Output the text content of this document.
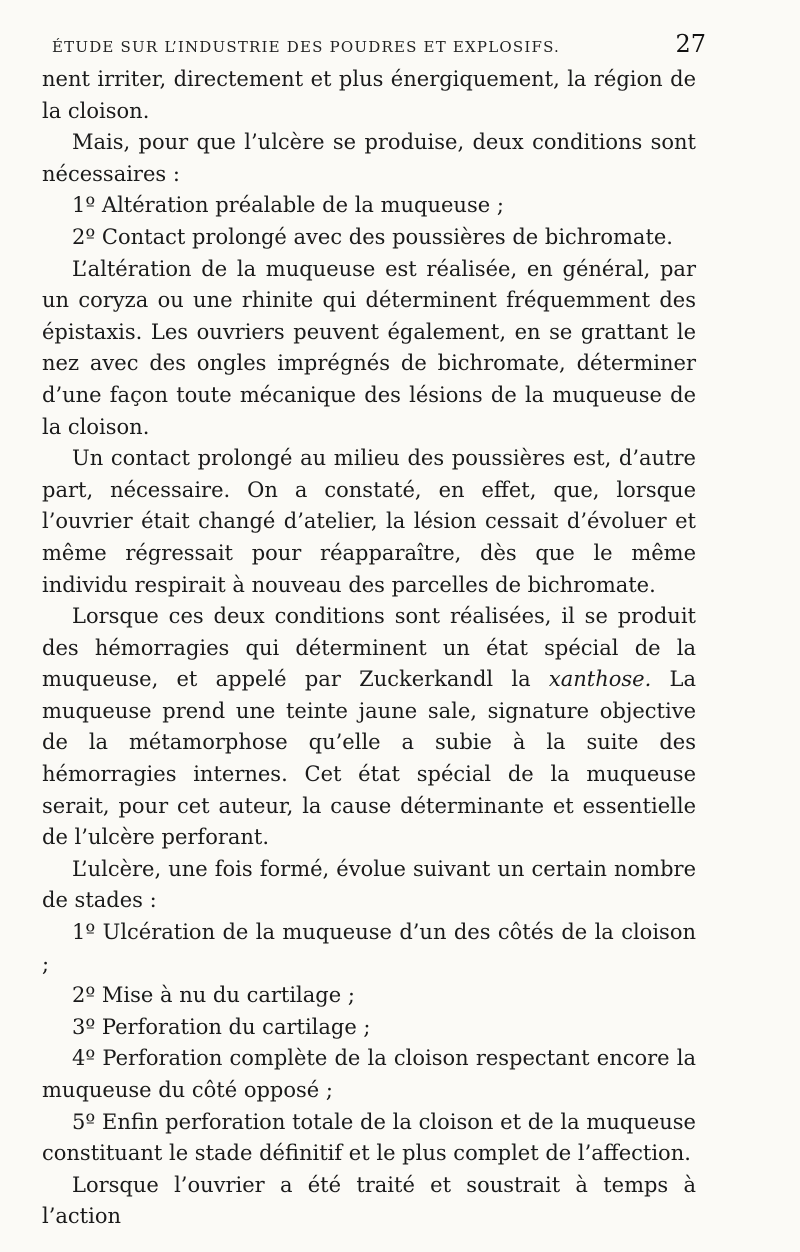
ÉTUDE SUR L’INDUSTRIE DES POUDRES ET EXPLOSIFS.	27

nent irriter, directement et plus énergiquement, la région de la cloison.

Mais, pour que l’ulcère se produise, deux conditions sont nécessaires :

1º Altération préalable de la muqueuse ;

2º Contact prolongé avec des poussières de bichromate.

L’altération de la muqueuse est réalisée, en général, par un coryza ou une rhinite qui déterminent fréquemment des épistaxis. Les ouvriers peuvent également, en se grattant le nez avec des ongles imprégnés de bichromate, déterminer d’une façon toute mécanique des lésions de la muqueuse de la cloison.

Un contact prolongé au milieu des poussières est, d’autre part, nécessaire. On a constaté, en effet, que, lorsque l’ouvrier était changé d’atelier, la lésion cessait d’évoluer et même régressait pour réapparaître, dès que le même individu respirait à nouveau des parcelles de bichromate.

Lorsque ces deux conditions sont réalisées, il se produit des hémorragies qui déterminent un état spécial de la muqueuse, et appelé par Zuckerkandl la xanthose. La muqueuse prend une teinte jaune sale, signature objective de la métamorphose qu’elle a subie à la suite des hémorragies internes. Cet état spécial de la muqueuse serait, pour cet auteur, la cause déterminante et essentielle de l’ulcère perforant.

L’ulcère, une fois formé, évolue suivant un certain nombre de stades :

1º Ulcération de la muqueuse d’un des côtés de la cloison ;

2º Mise à nu du cartilage ;

3º Perforation du cartilage ;

4º Perforation complète de la cloison respectant encore la muqueuse du côté opposé ;

5º Enfin perforation totale de la cloison et de la muqueuse constituant le stade définitif et le plus complet de l’affection.

Lorsque l’ouvrier a été traité et soustrait à temps à l’action
